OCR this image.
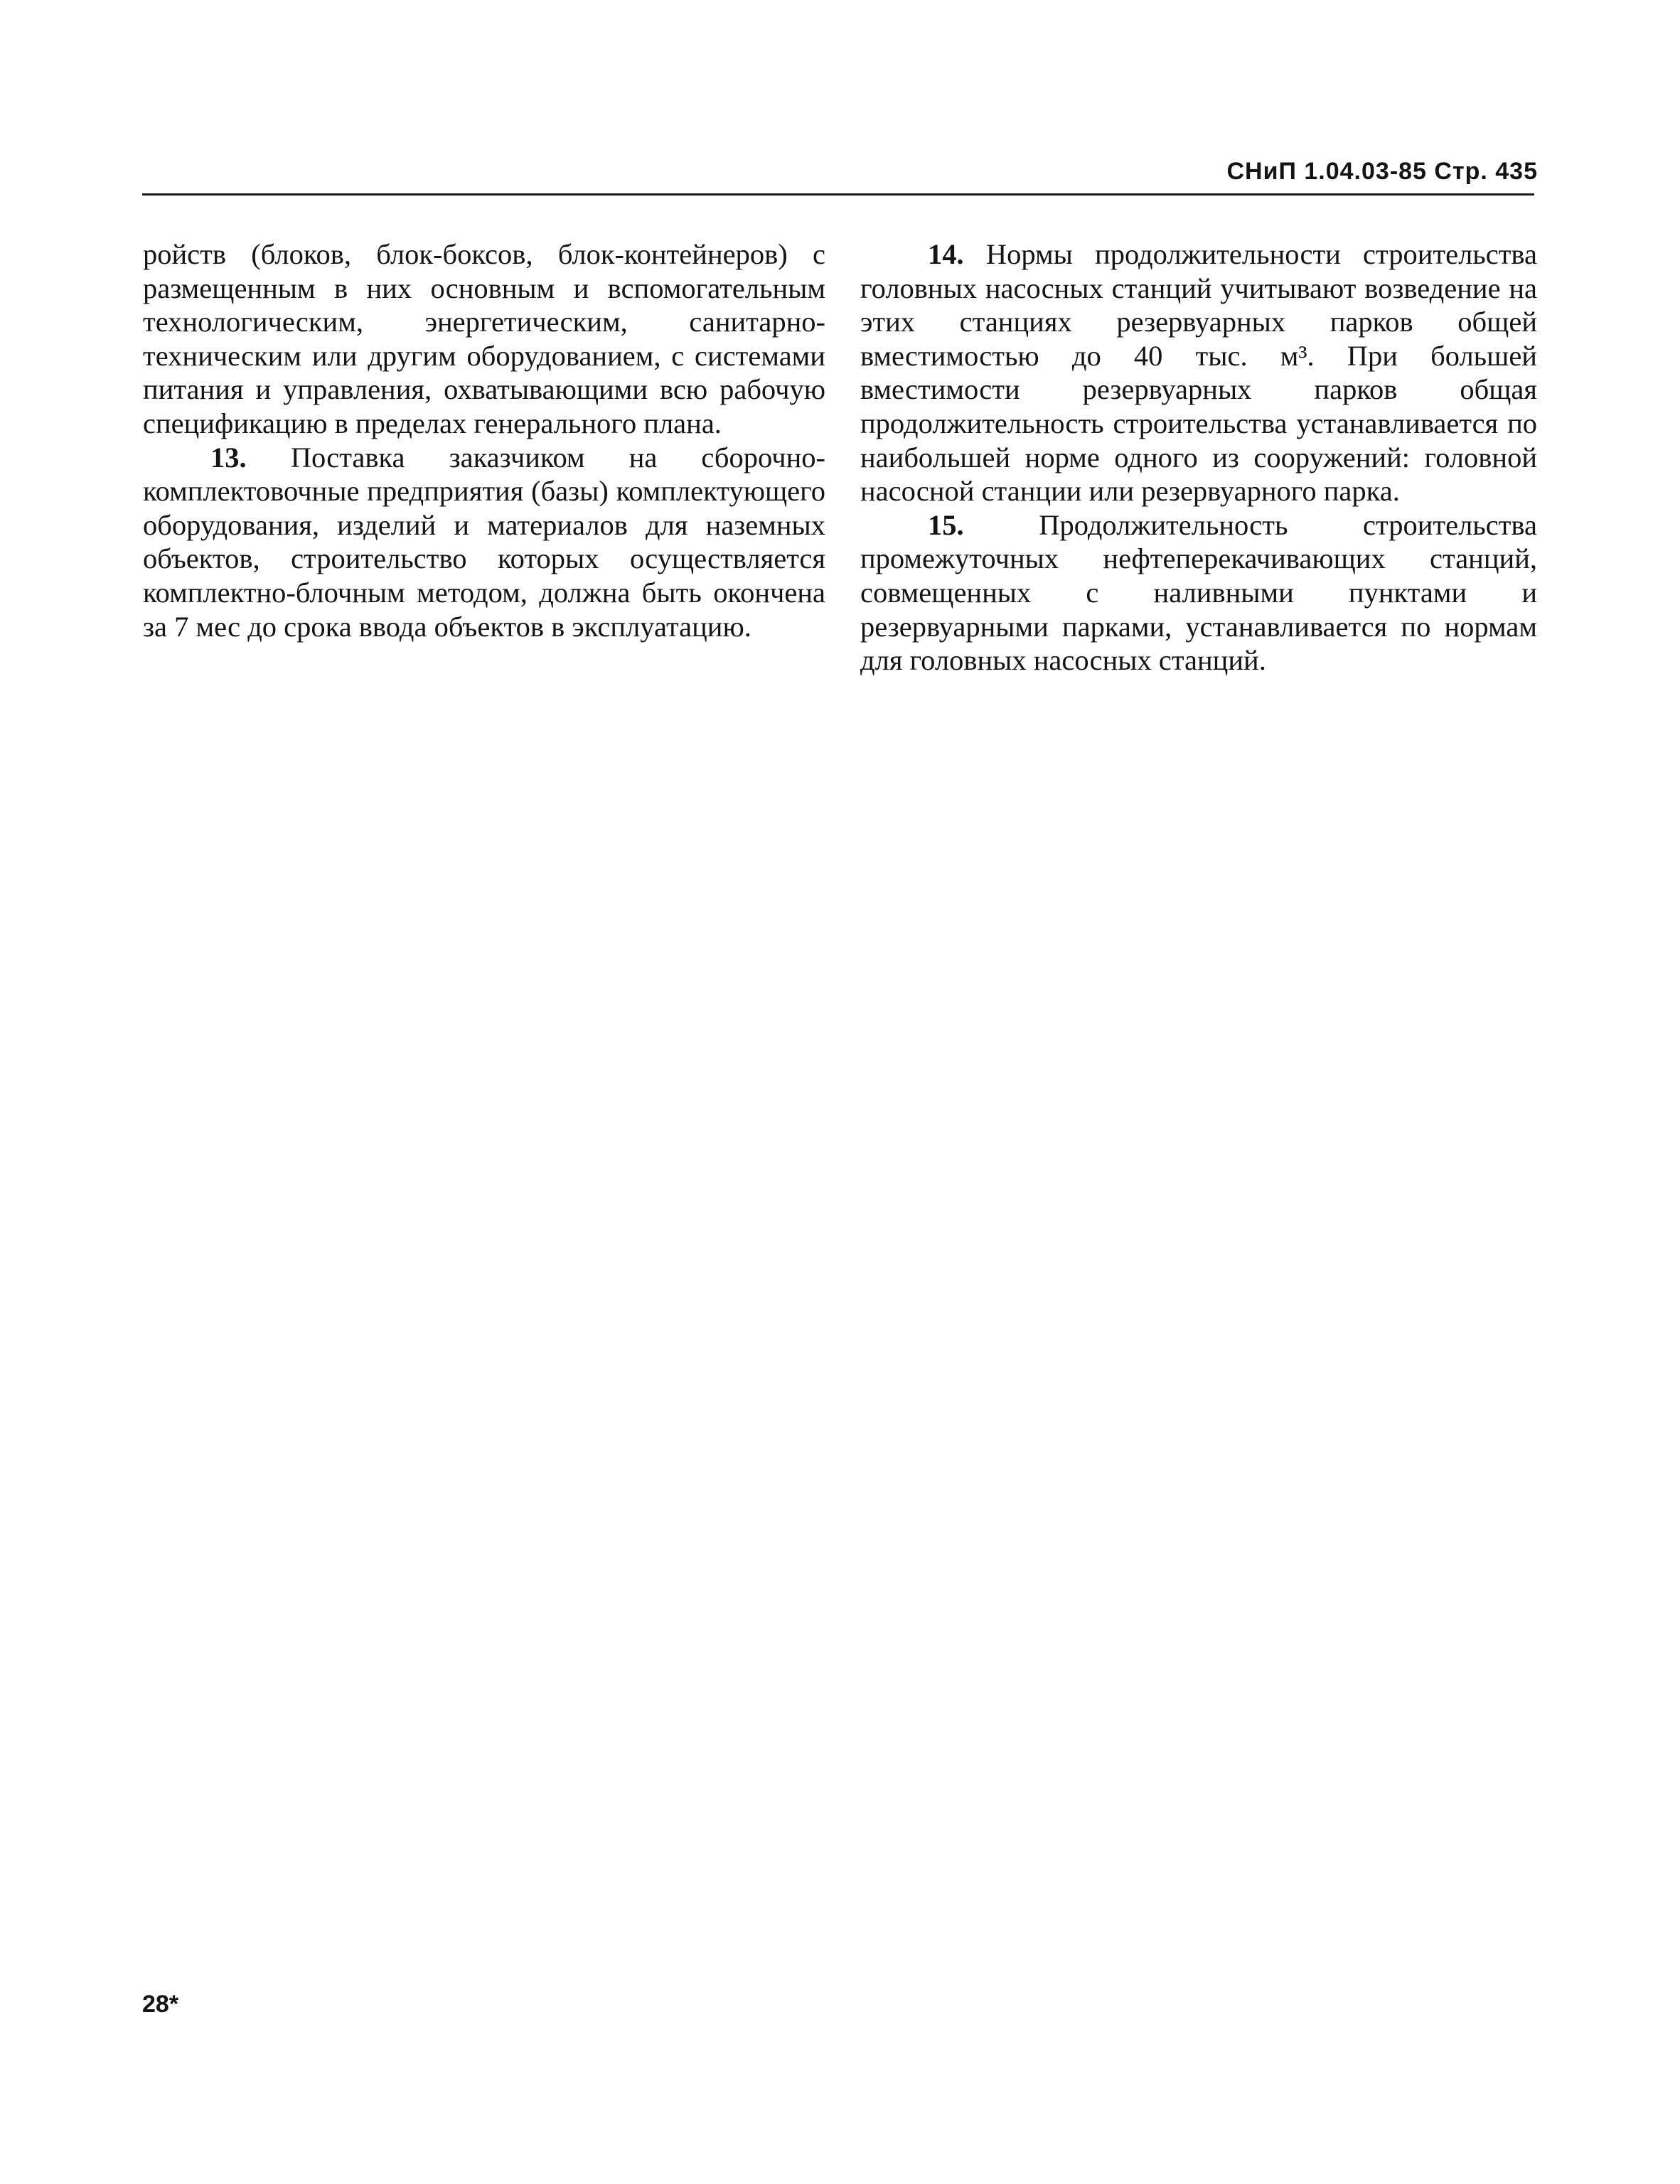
СНиП 1.04.03-85 Стр. 435

ройств (блоков, блок-боксов, блок-контейнеров) с размещенным в них основным и вспомогательным технологическим, энергетическим, санитарно-техническим или другим оборудованием, с системами питания и управления, охватывающими всю рабочую спецификацию в пределах генерального плана.

13. Поставка заказчиком на сборочно-комплектовочные предприятия (базы) комплектующего оборудования, изделий и материалов для наземных объектов, строительство которых осуществляется комплектно-блочным методом, должна быть окончена за 7 мес до срока ввода объектов в эксплуатацию.

14. Нормы продолжительности строительства головных насосных станций учитывают возведение на этих станциях резервуарных парков общей вместимостью до 40 тыс. м³. При большей вместимости резервуарных парков общая продолжительность строительства устанавливается по наибольшей норме одного из сооружений: головной насосной станции или резервуарного парка.

15. Продолжительность строительства промежуточных нефтеперекачивающих станций, совмещенных с наливными пунктами и резервуарными парками, устанавливается по нормам для головных насосных станций.

28*
